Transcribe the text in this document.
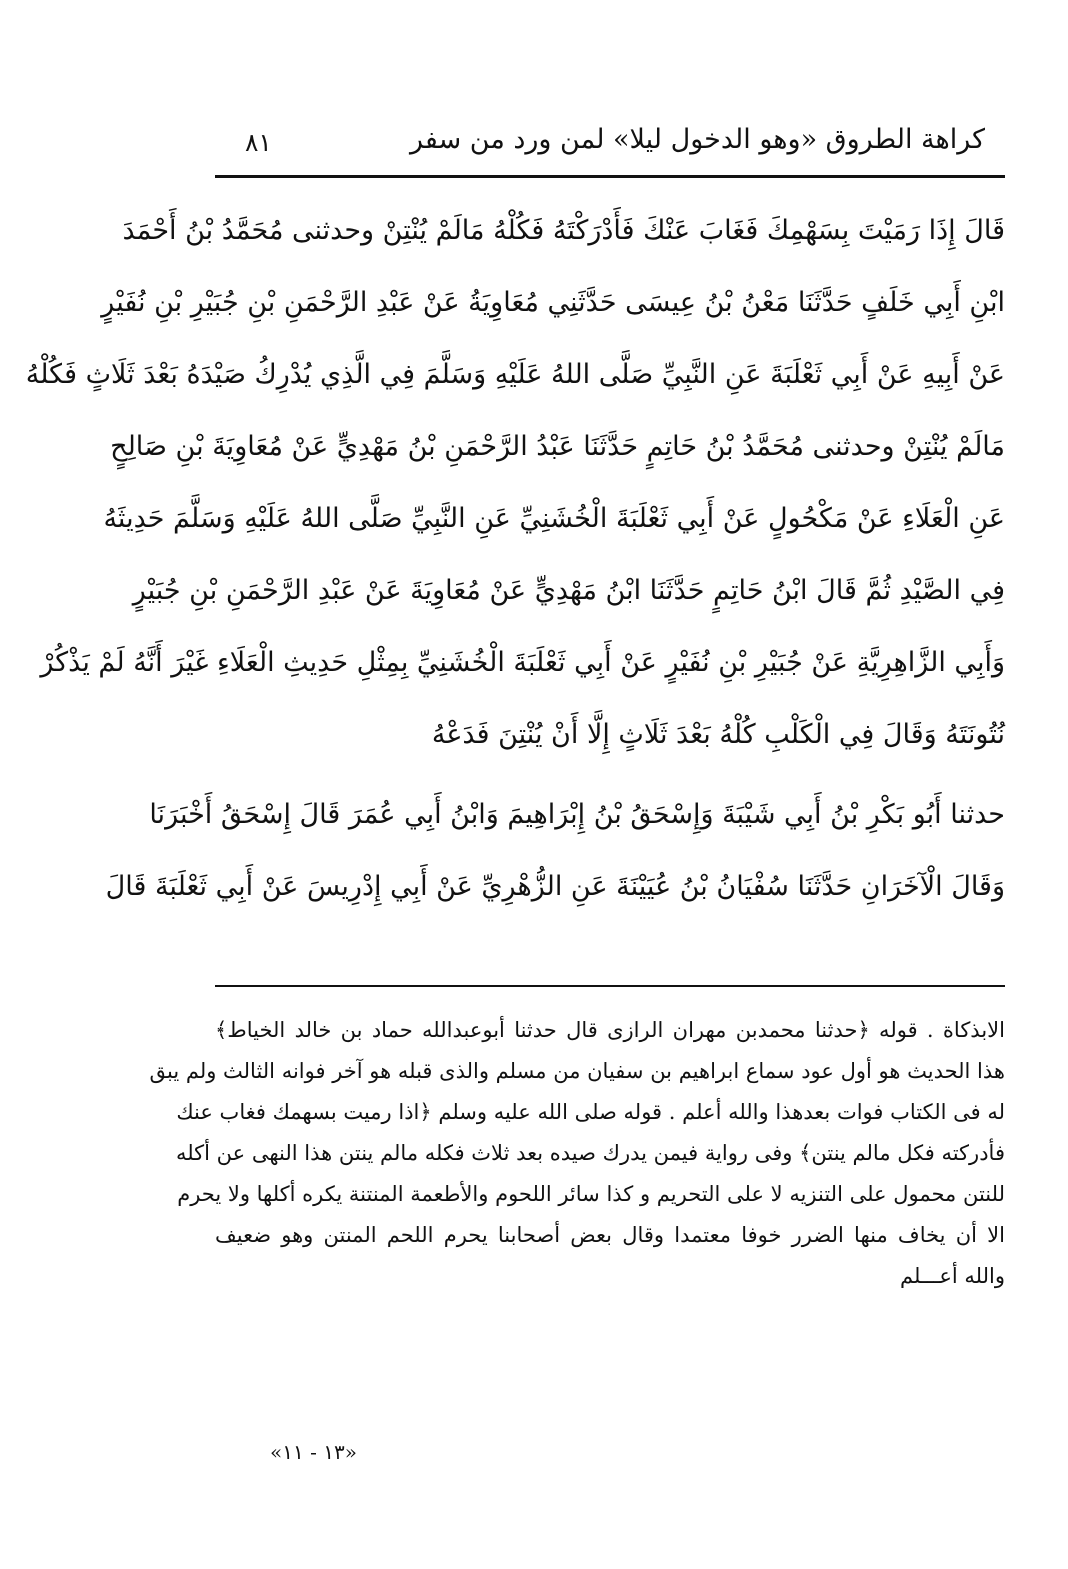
كراهة الطروق «وهو الدخول ليلا» لمن ورد من سفر
٨١
قَالَ إِذَا رَمَيْتَ بِسَهْمِكَ فَغَابَ عَنْكَ فَأَدْرَكْتَهُ فَكُلْهُ مَالَمْ يُنْتِنْ وحدثنى مُحَمَّدُ بْنُ أَحْمَدَ
ابْنِ أَبِي خَلَفٍ حَدَّثَنَا مَعْنُ بْنُ عِيسَى حَدَّثَنِي مُعَاوِيَةُ عَنْ عَبْدِ الرَّحْمَنِ بْنِ جُبَيْرِ بْنِ نُفَيْرٍ
عَنْ أَبِيهِ عَنْ أَبِي ثَعْلَبَةَ عَنِ النَّبِيِّ صَلَّى اللهُ عَلَيْهِ وَسَلَّمَ فِي الَّذِي يُدْرِكُ صَيْدَهُ بَعْدَ ثَلَاثٍ فَكُلْهُ
مَالَمْ يُنْتِنْ وحدثنى مُحَمَّدُ بْنُ حَاتِمٍ حَدَّثَنَا عَبْدُ الرَّحْمَنِ بْنُ مَهْدِيٍّ عَنْ مُعَاوِيَةَ بْنِ صَالِحٍ
عَنِ الْعَلَاءِ عَنْ مَكْحُولٍ عَنْ أَبِي ثَعْلَبَةَ الْخُشَنِيِّ عَنِ النَّبِيِّ صَلَّى اللهُ عَلَيْهِ وَسَلَّمَ حَدِيثَهُ
فِي الصَّيْدِ ثُمَّ قَالَ ابْنُ حَاتِمٍ حَدَّثَنَا ابْنُ مَهْدِيٍّ عَنْ مُعَاوِيَةَ عَنْ عَبْدِ الرَّحْمَنِ بْنِ جُبَيْرٍ
وَأَبِي الزَّاهِرِيَّةِ عَنْ جُبَيْرِ بْنِ نُفَيْرٍ عَنْ أَبِي ثَعْلَبَةَ الْخُشَنِيِّ بِمِثْلِ حَدِيثِ الْعَلَاءِ غَيْرَ أَنَّهُ لَمْ يَذْكُرْ
نُتُونَتَهُ وَقَالَ فِي الْكَلْبِ كُلْهُ بَعْدَ ثَلَاثٍ إِلَّا أَنْ يُنْتِنَ فَدَعْهُ
حدثنا أَبُو بَكْرِ بْنُ أَبِي شَيْبَةَ وَإِسْحَقُ بْنُ إِبْرَاهِيمَ وَابْنُ أَبِي عُمَرَ قَالَ إِسْحَقُ أَخْبَرَنَا
وَقَالَ الْآخَرَانِ حَدَّثَنَا سُفْيَانُ بْنُ عُيَيْنَةَ عَنِ الزُّهْرِيِّ عَنْ أَبِي إِدْرِيسَ عَنْ أَبِي ثَعْلَبَةَ قَالَ
الابذكاة . قوله ﴿حدثنا محمدبن مهران الرازى قال حدثنا أبوعبدالله حماد بن خالد الخياط﴾
هذا الحديث هو أول عود سماع ابراهيم بن سفيان من مسلم والذى قبله هو آخر فوانه الثالث ولم يبق
له فى الكتاب فوات بعدهذا والله أعلم . قوله صلى الله عليه وسلم ﴿اذا رميت بسهمك فغاب عنك
فأدركته فكل مالم ينتن﴾ وفى رواية فيمن يدرك صيده بعد ثلاث فكله مالم ينتن هذا النهى عن أكله
للنتن محمول على التنزيه لا على التحريم و كذا سائر اللحوم والأطعمة المنتنة يكره أكلها ولا يحرم
الا أن يخاف منها الضرر خوفا معتمدا وقال بعض أصحابنا يحرم اللحم المنتن وهو ضعيف
والله أعـــلم
«١٣ - ١١»
